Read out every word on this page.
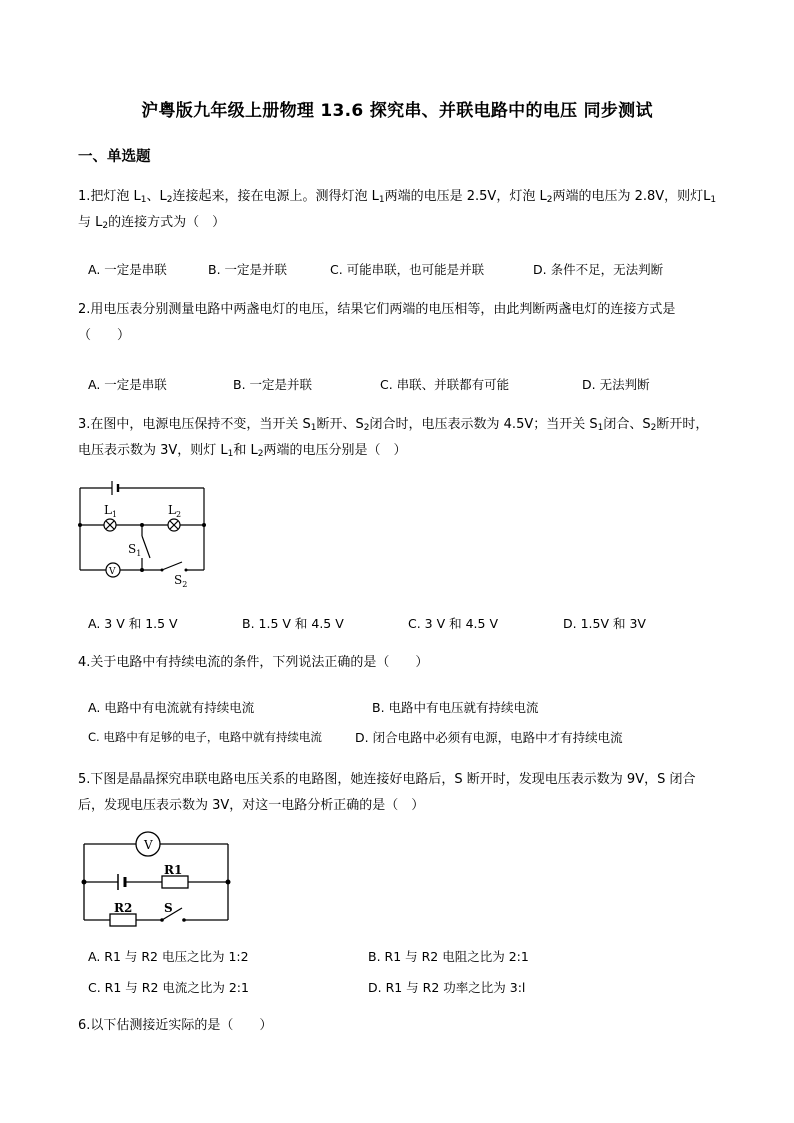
沪粤版九年级上册物理 13.6 探究串、并联电路中的电压 同步测试
一、单选题
1.把灯泡 $L_1$、$L_2$连接起来，接在电源上。测得灯泡 $L_1$两端的电压是 2.5V，灯泡 $L_2$两端的电压为 2.8V，则灯$L_1$与 $L_2$的连接方式为（　）
A. 一定是串联	B. 一定是并联	C. 可能串联，也可能是并联	D. 条件不足，无法判断
2.用电压表分别测量电路中两盏电灯的电压，结果它们两端的电压相等，由此判断两盏电灯的连接方式是（　　）
A. 一定是串联	B. 一定是并联	C. 串联、并联都有可能	D. 无法判断
3.在图中，电源电压保持不变，当开关 $S_1$断开、$S_2$闭合时，电压表示数为 4.5V；当开关 $S_1$闭合、$S_2$断开时，电压表示数为 3V，则灯 $L_1$和 $L_2$两端的电压分别是（　）
$L_1$	$L_2$
$S_1$
$S_2$
V
A. 3 V 和 1.5 V	B. 1.5 V 和 4.5 V	C. 3 V 和 4.5 V	D. 1.5V 和 3V
4.关于电路中有持续电流的条件，下列说法正确的是（　　）
A. 电路中有电流就有持续电流	B. 电路中有电压就有持续电流
C. 电路中有足够的电子，电路中就有持续电流	D. 闭合电路中必须有电源，电路中才有持续电流
5.下图是晶晶探究串联电路电压关系的电路图，她连接好电路后，S 断开时，发现电压表示数为 9V，S 闭合后，发现电压表示数为 3V，对这一电路分析正确的是（　）
V
R1
R2	S
A. R1 与 R2 电压之比为 1:2	B. R1 与 R2 电阻之比为 2:1
C. R1 与 R2 电流之比为 2:1	D. R1 与 R2 功率之比为 3:l
6.以下估测接近实际的是（　　）
